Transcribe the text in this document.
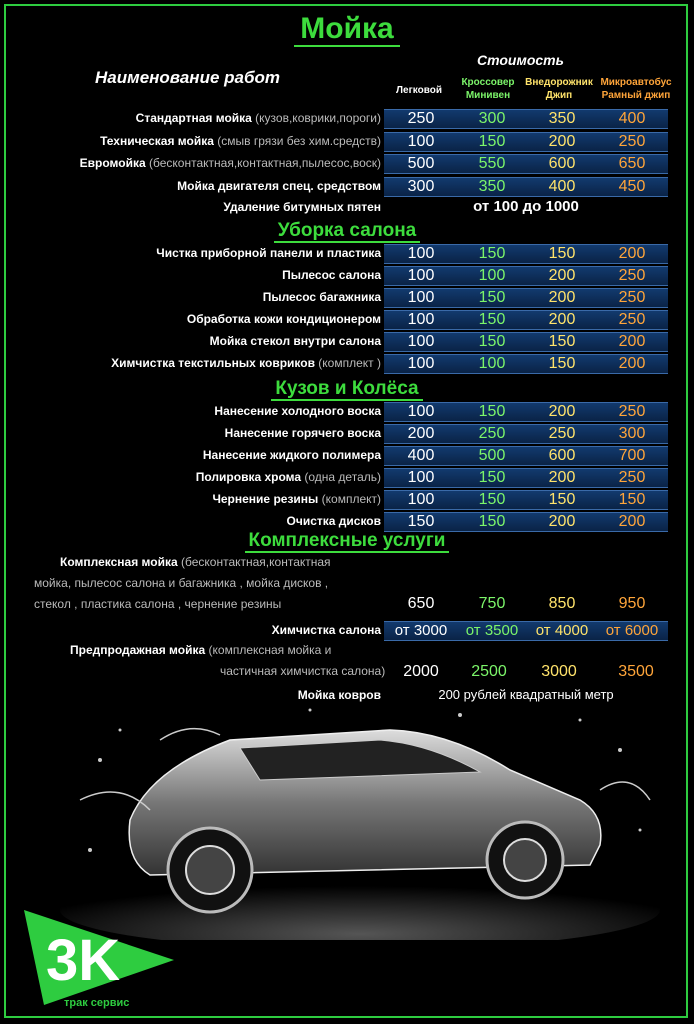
Мойка
Наименование работ
Стоимость
Легковой
Кроссовер
Минивен
Внедорожник
Джип
Микроавтобус
Рамный джип
Стандартная мойка (кузов,коврики,пороги)	250	300	350	400
Техническая мойка (смыв грязи без хим.средств)	100	150	200	250
Евромойка (бесконтактная,контактная,пылесос,воск)	500	550	600	650
Мойка двигателя спец. средством	300	350	400	450
Удаление битумных пятен	от 100 до 1000
Уборка салона
Чистка приборной панели и пластика	100	150	150	200
Пылесос салона	100	100	200	250
Пылесос багажника	100	150	200	250
Обработка кожи кондиционером	100	150	200	250
Мойка стекол внутри салона	100	150	150	200
Химчистка текстильных ковриков (комплект )	100	100	150	200
Кузов и Колёса
Нанесение холодного воска	100	150	200	250
Нанесение горячего воска	200	250	250	300
Нанесение жидкого полимера	400	500	600	700
Полировка хрома (одна деталь)	100	150	200	250
Чернение резины (комплект)	100	150	150	150
Очистка дисков	150	150	200	200
Комплексные услуги
Комплексная мойка (бесконтактная,контактная
мойка, пылесос салона и багажника , мойка дисков ,
стекол , пластика салона , чернение резины	650	750	850	950
Химчистка салона от 3000	от 3500	от 4000	от 6000
Предпродажная мойка (комплексная мойка и
частичная химчистка салона)	2000	2500	3000	3500
Мойка ковров	200 рублей квадратный метр
3K
трак сервис
